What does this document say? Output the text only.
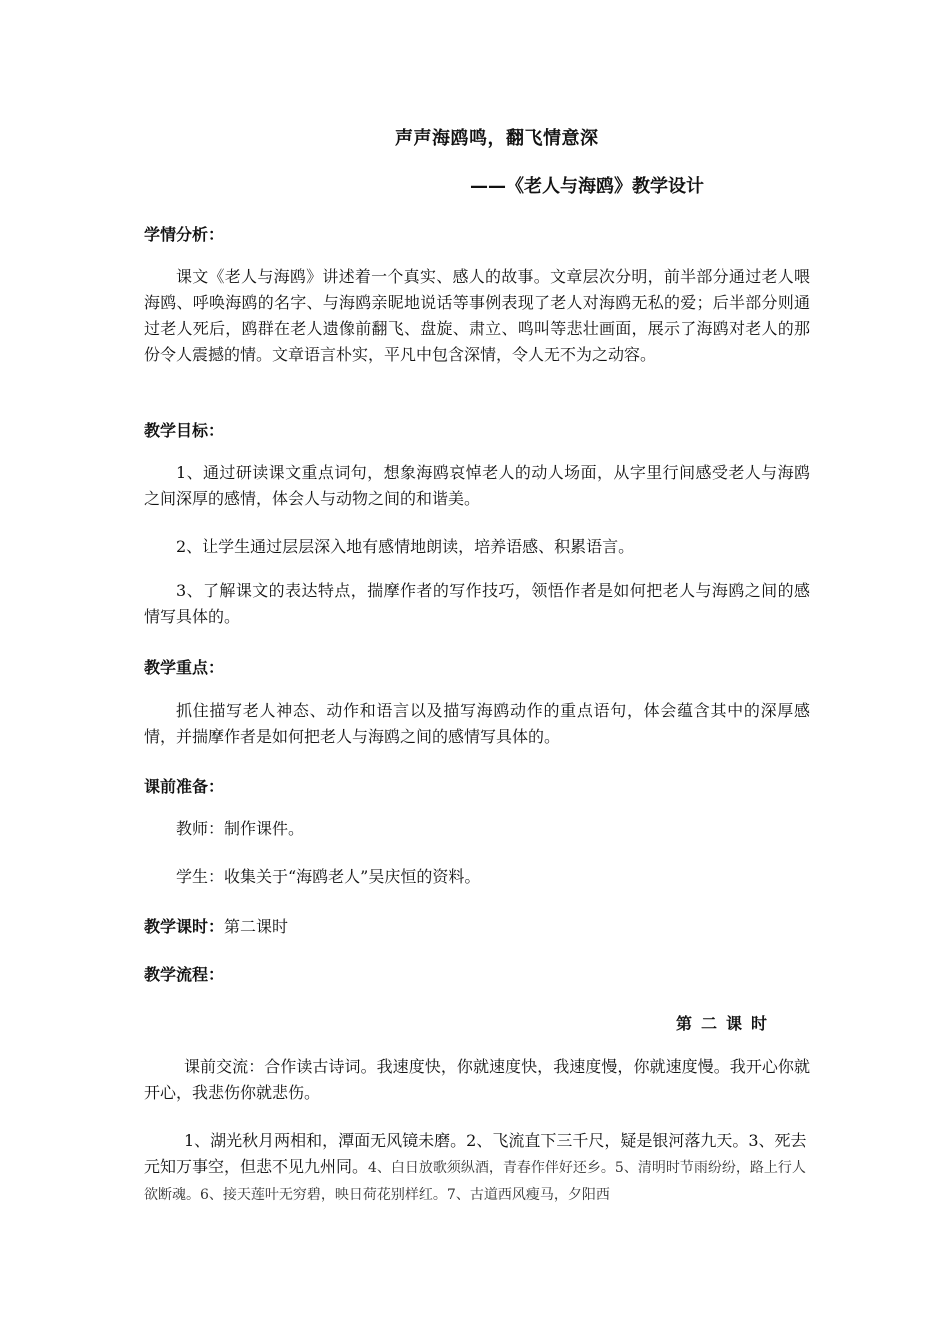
声声海鸥鸣，翻飞情意深
——《老人与海鸥》教学设计
学情分析：
课文《老人与海鸥》讲述着一个真实、感人的故事。文章层次分明，前半部分通过老人喂海鸥、呼唤海鸥的名字、与海鸥亲昵地说话等事例表现了老人对海鸥无私的爱；后半部分则通过老人死后，鸥群在老人遗像前翻飞、盘旋、肃立、鸣叫等悲壮画面，展示了海鸥对老人的那份令人震撼的情。文章语言朴实，平凡中包含深情，令人无不为之动容。
教学目标：
1、通过研读课文重点词句，想象海鸥哀悼老人的动人场面，从字里行间感受老人与海鸥之间深厚的感情，体会人与动物之间的和谐美。
2、让学生通过层层深入地有感情地朗读，培养语感、积累语言。
3、了解课文的表达特点，揣摩作者的写作技巧，领悟作者是如何把老人与海鸥之间的感情写具体的。
教学重点：
抓住描写老人神态、动作和语言以及描写海鸥动作的重点语句，体会蕴含其中的深厚感情，并揣摩作者是如何把老人与海鸥之间的感情写具体的。
课前准备：
教师：制作课件。
学生：收集关于“海鸥老人”吴庆恒的资料。
教学课时：第二课时
教学流程：
第二课时
课前交流：合作读古诗词。我速度快，你就速度快，我速度慢，你就速度慢。我开心你就开心，我悲伤你就悲伤。
1、湖光秋月两相和，潭面无风镜未磨。2、飞流直下三千尺，疑是银河落九天。3、死去元知万事空，但悲不见九州同。4、白日放歌须纵酒，青春作伴好还乡。5、清明时节雨纷纷，路上行人欲断魂。6、接天莲叶无穷碧，映日荷花别样红。7、古道西风瘦马，夕阳西
